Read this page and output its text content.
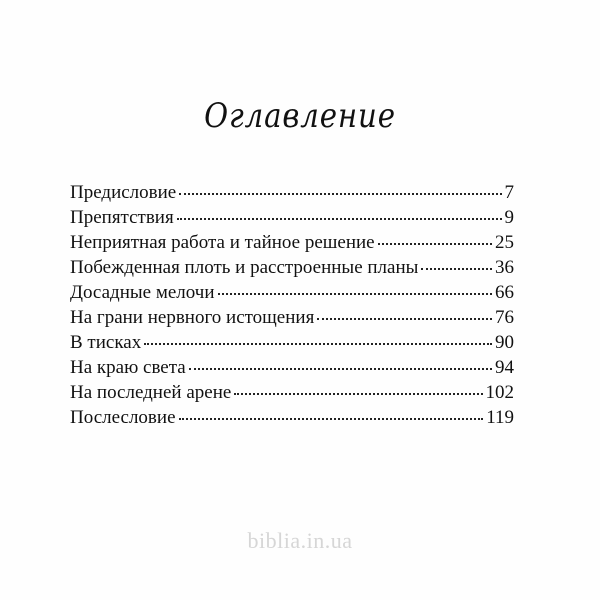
Оглавление
Предисловие	7
Препятствия	9
Неприятная работа и тайное решение	25
Побежденная плоть и расстроенные планы	36
Досадные мелочи	66
На грани нервного истощения	76
В тисках	90
На краю света	94
На последней арене	102
Послесловие	119
biblia.in.ua
